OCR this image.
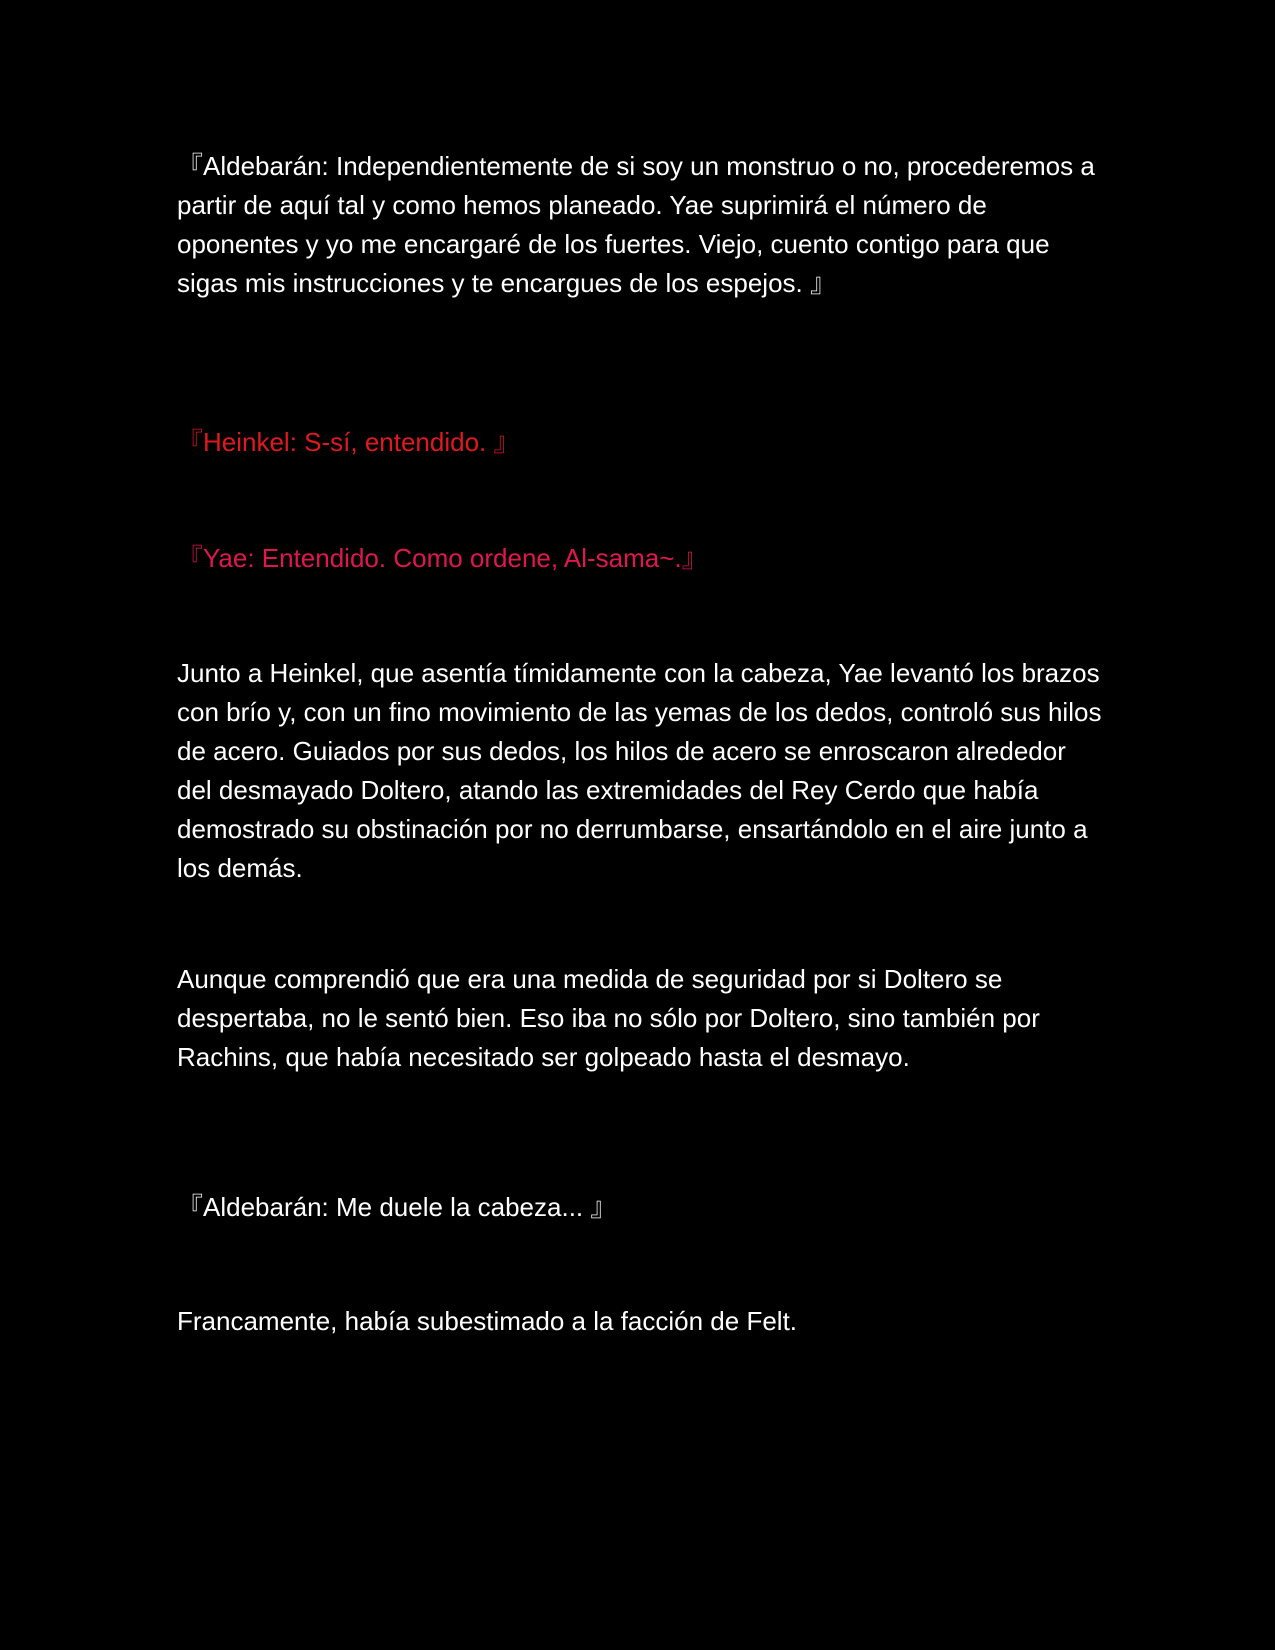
『Aldebarán: Independientemente de si soy un monstruo o no, procederemos a partir de aquí tal y como hemos planeado. Yae suprimirá el número de oponentes y yo me encargaré de los fuertes. Viejo, cuento contigo para que sigas mis instrucciones y te encargues de los espejos. 』

『Heinkel: S-sí, entendido. 』

『Yae: Entendido. Como ordene, Al-sama~.』

Junto a Heinkel, que asentía tímidamente con la cabeza, Yae levantó los brazos con brío y, con un fino movimiento de las yemas de los dedos, controló sus hilos de acero. Guiados por sus dedos, los hilos de acero se enroscaron alrededor del desmayado Doltero, atando las extremidades del Rey Cerdo que había demostrado su obstinación por no derrumbarse, ensartándolo en el aire junto a los demás.

Aunque comprendió que era una medida de seguridad por si Doltero se despertaba, no le sentó bien. Eso iba no sólo por Doltero, sino también por Rachins, que había necesitado ser golpeado hasta el desmayo.

『Aldebarán: Me duele la cabeza... 』

Francamente, había subestimado a la facción de Felt.
